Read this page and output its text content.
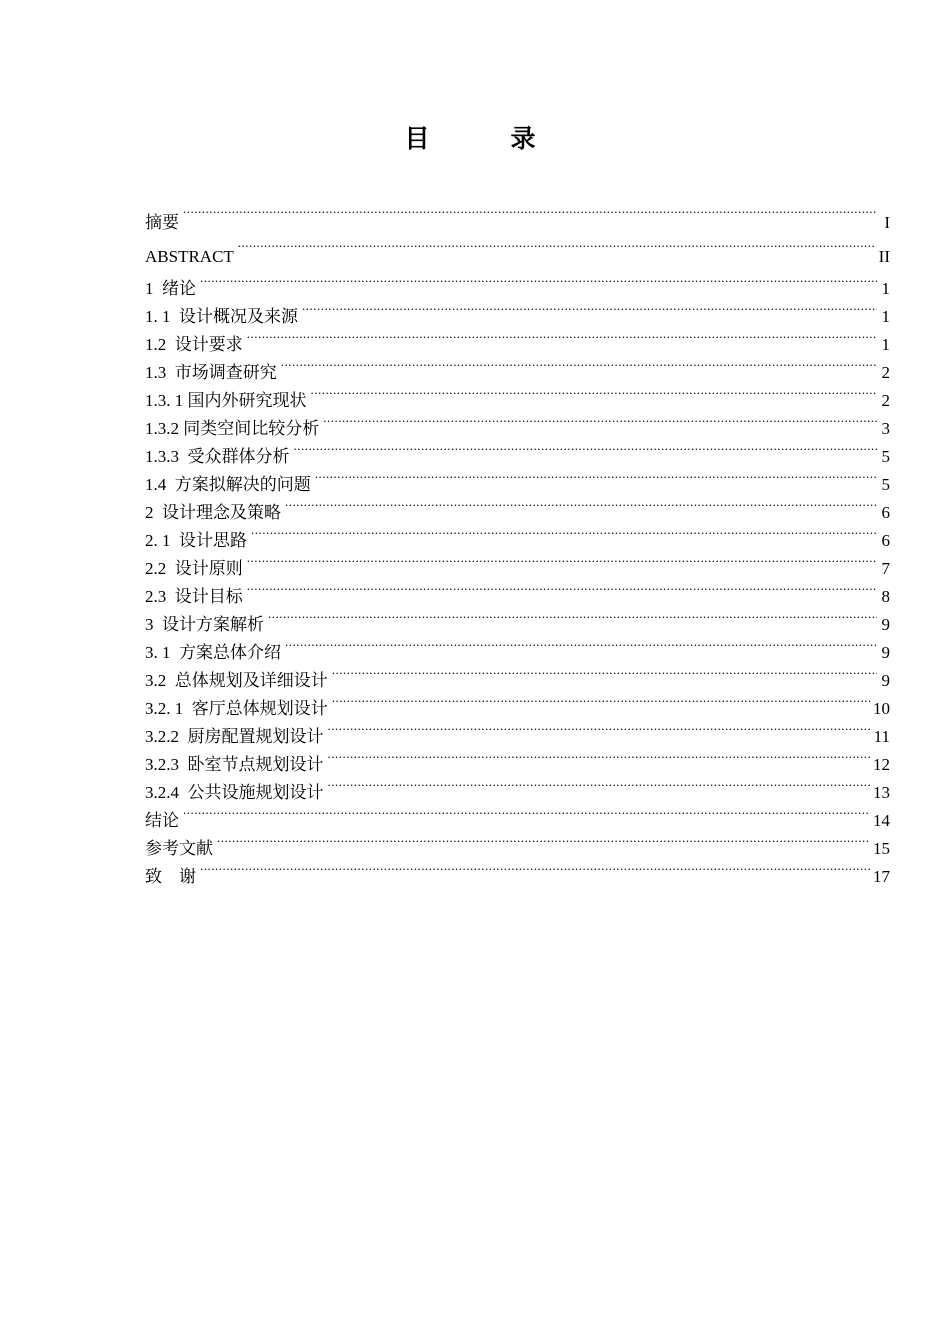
目　录
摘要 .....	I
ABSTRACT .....	II
1  绪论 .....	1
1. 1  设计概况及来源 .....	1
1.2  设计要求 .....	1
1.3  市场调查研究 .....	2
1.3. 1 国内外研究现状 .....	2
1.3.2 同类空间比较分析 .....	3
1.3.3  受众群体分析 .....	5
1.4  方案拟解决的问题 .....	5
2  设计理念及策略 .....	6
2. 1  设计思路 .....	6
2.2  设计原则 .....	7
2.3  设计目标 .....	8
3  设计方案解析 .....	9
3. 1  方案总体介绍 .....	9
3.2  总体规划及详细设计 .....	9
3.2. 1  客厅总体规划设计 .....	10
3.2.2  厨房配置规划设计 .....	11
3.2.3  卧室节点规划设计 .....	12
3.2.4  公共设施规划设计 .....	13
结论 .....	14
参考文献 .....	15
致　谢 .....	17
